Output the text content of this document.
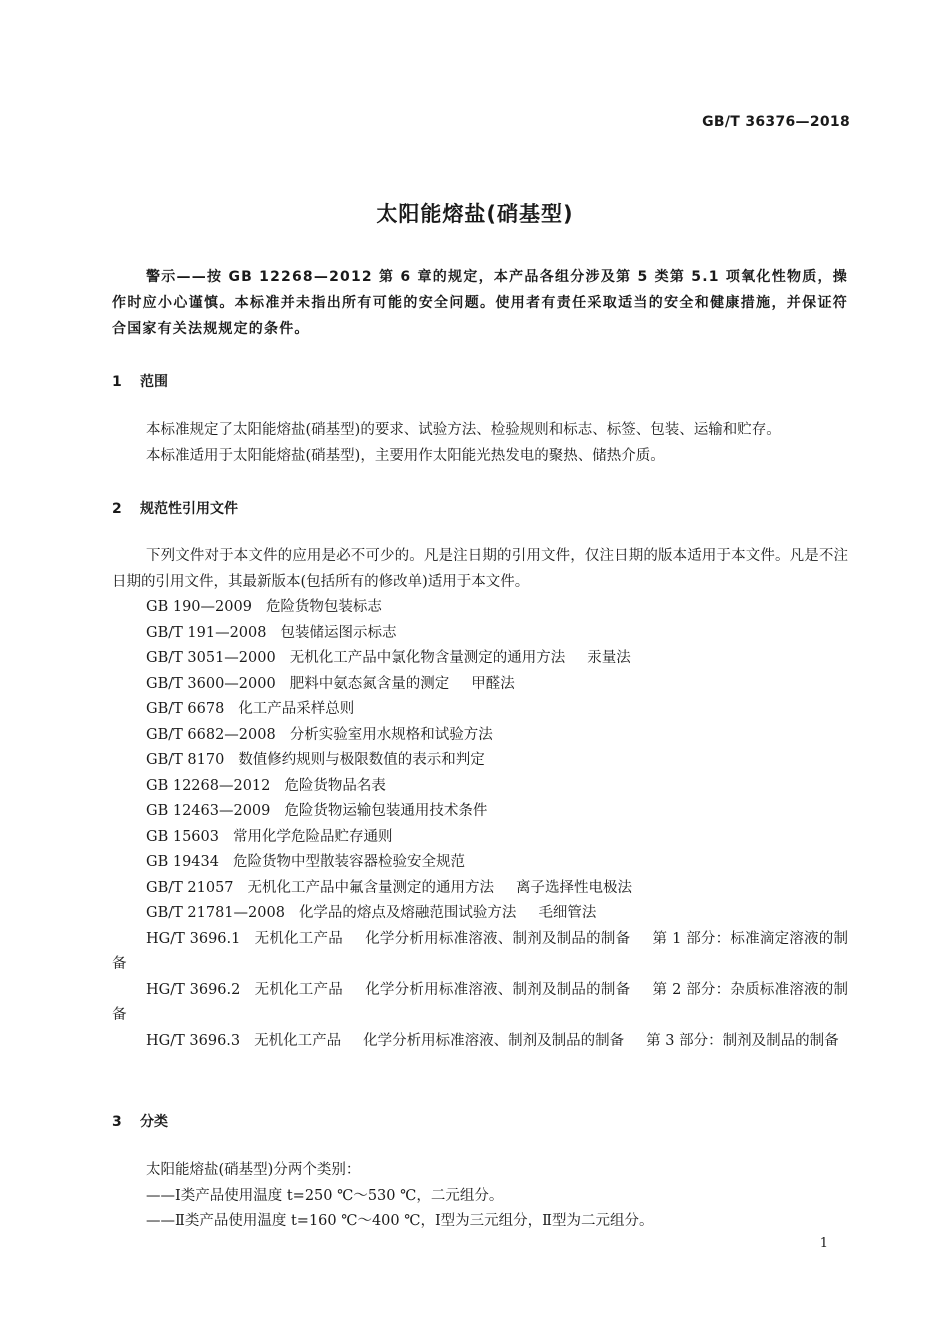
GB/T 36376—2018
太阳能熔盐(硝基型)
警示——按 GB 12268—2012 第 6 章的规定，本产品各组分涉及第 5 类第 5.1 项氧化性物质，操作时应小心谨慎。本标准并未指出所有可能的安全问题。使用者有责任采取适当的安全和健康措施，并保证符合国家有关法规规定的条件。
1 范围

本标准规定了太阳能熔盐(硝基型)的要求、试验方法、检验规则和标志、标签、包装、运输和贮存。

本标准适用于太阳能熔盐(硝基型)，主要用作太阳能光热发电的聚热、储热介质。

2 规范性引用文件

下列文件对于本文件的应用是必不可少的。凡是注日期的引用文件，仅注日期的版本适用于本文件。凡是不注日期的引用文件，其最新版本(包括所有的修改单)适用于本文件。

GB 190—2009 危险货物包装标志
GB/T 191—2008 包装储运图示标志
GB/T 3051—2000 无机化工产品中氯化物含量测定的通用方法 汞量法
GB/T 3600—2000 肥料中氨态氮含量的测定 甲醛法
GB/T 6678 化工产品采样总则
GB/T 6682—2008 分析实验室用水规格和试验方法
GB/T 8170 数值修约规则与极限数值的表示和判定
GB 12268—2012 危险货物品名表
GB 12463—2009 危险货物运输包装通用技术条件
GB 15603 常用化学危险品贮存通则
GB 19434 危险货物中型散装容器检验安全规范
GB/T 21057 无机化工产品中氟含量测定的通用方法 离子选择性电极法
GB/T 21781—2008 化学品的熔点及熔融范围试验方法 毛细管法
HG/T 3696.1 无机化工产品 化学分析用标准溶液、制剂及制品的制备 第 1 部分：标准滴定溶液的制备
HG/T 3696.2 无机化工产品 化学分析用标准溶液、制剂及制品的制备 第 2 部分：杂质标准溶液的制备
HG/T 3696.3 无机化工产品 化学分析用标准溶液、制剂及制品的制备 第 3 部分：制剂及制品的制备
3 分类

太阳能熔盐(硝基型)分两个类别：

——Ⅰ类产品使用温度 t=250 ℃～530 ℃，二元组分。

——Ⅱ类产品使用温度 t=160 ℃～400 ℃，Ⅰ型为三元组分，Ⅱ型为二元组分。

1
